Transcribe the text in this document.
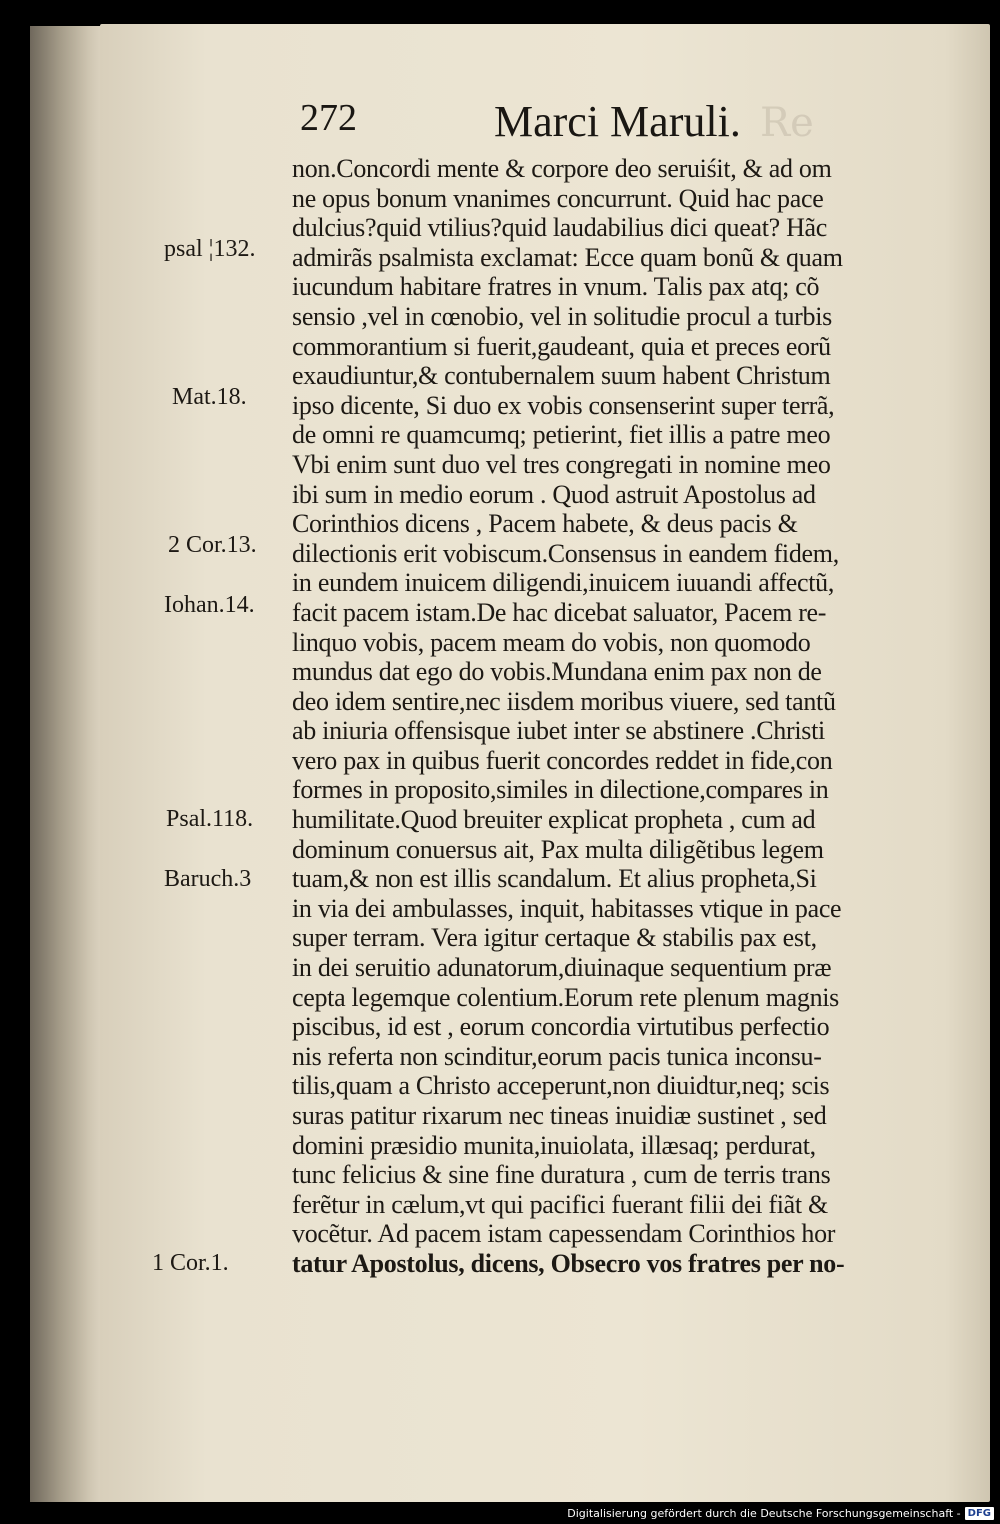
Re
272	Marci Maruli.
psal ¦132.
Mat.18.
2 Cor.13.
Iohan.14.
Psal.118.
Baruch.3
1 Cor.1.
non.Concordi mente & corpore deo seruiśit, & ad om
ne opus bonum vnanimes concurrunt. Quid hac pace
dulcius?quid vtilius?quid laudabilius dici queat? Hãc
admirãs psalmista exclamat: Ecce quam bonũ & quam
iucundum habitare fratres in vnum. Talis pax atq; cõ
sensio ,vel in cœnobio, vel in solitudie procul a turbis
commorantium si fuerit,gaudeant, quia et preces eorũ
exaudiuntur,& contubernalem suum habent Christum
ipso dicente, Si duo ex vobis consenserint super terrã,
de omni re quamcumq; petierint, fiet illis a patre meo
Vbi enim sunt duo vel tres congregati in nomine meo
ibi sum in medio eorum . Quod astruit Apostolus ad
Corinthios dicens , Pacem habete, & deus pacis &
dilectionis erit vobiscum.Consensus in eandem fidem,
in eundem inuicem diligendi,inuicem iuuandi affectũ,
facit pacem istam.De hac dicebat saluator, Pacem re-
linquo vobis, pacem meam do vobis, non quomodo
mundus dat ego do vobis.Mundana enim pax non de
deo idem sentire,nec iisdem moribus viuere, sed tantũ
ab iniuria offensisque iubet inter se abstinere .Christi
vero pax in quibus fuerit concordes reddet in fide,con
formes in proposito,similes in dilectione,compares in
humilitate.Quod breuiter explicat propheta , cum ad
dominum conuersus ait, Pax multa diligẽtibus legem
tuam,& non est illis scandalum. Et alius propheta,Si
in via dei ambulasses, inquit, habitasses vtique in pace
super terram. Vera igitur certaque & stabilis pax est,
in dei seruitio adunatorum,diuinaque sequentium præ
cepta legemque colentium.Eorum rete plenum magnis
piscibus, id est , eorum concordia virtutibus perfectio
nis referta non scinditur,eorum pacis tunica inconsu-
tilis,quam a Christo acceperunt,non diuidtur,neq; scis
suras patitur rixarum nec tineas inuidiæ sustinet , sed
domini præsidio munita,inuiolata, illæsaq; perdurat,
tunc felicius & sine fine duratura , cum de terris trans
ferẽtur in cælum,vt qui pacifici fuerant filii dei fiãt &
vocẽtur. Ad pacem istam capessendam Corinthios hor
tatur Apostolus, dicens, Obsecro vos fratres per no-
Digitalisierung gefördert durch die Deutsche Forschungsgemeinschaft - DFG
